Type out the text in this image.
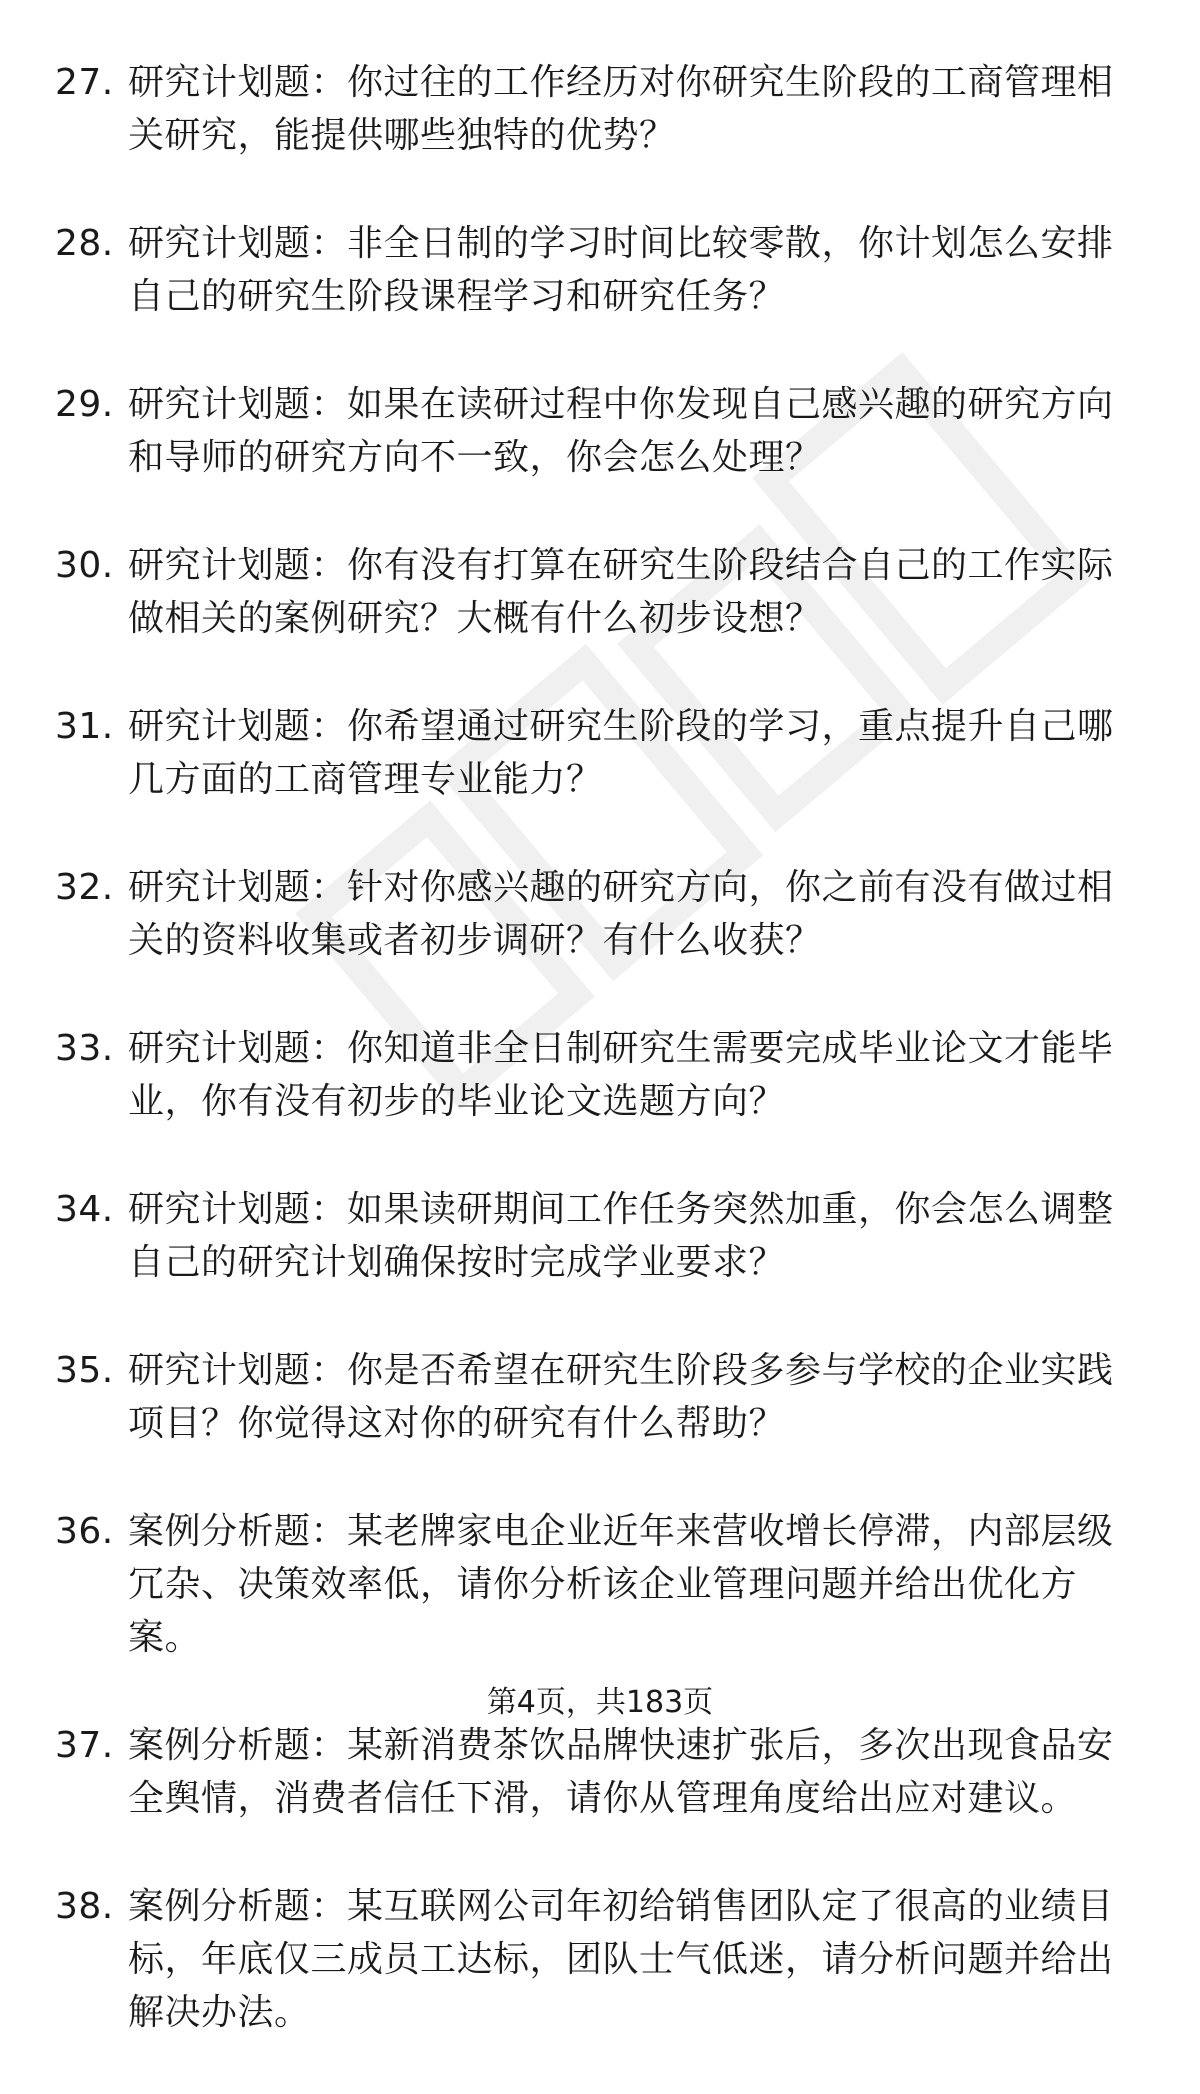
27. 研究计划题：你过往的工作经历对你研究生阶段的工商管理相关研究，能提供哪些独特的优势？
28. 研究计划题：非全日制的学习时间比较零散，你计划怎么安排自己的研究生阶段课程学习和研究任务？
29. 研究计划题：如果在读研过程中你发现自己感兴趣的研究方向和导师的研究方向不一致，你会怎么处理？
30. 研究计划题：你有没有打算在研究生阶段结合自己的工作实际做相关的案例研究？大概有什么初步设想？
31. 研究计划题：你希望通过研究生阶段的学习，重点提升自己哪几方面的工商管理专业能力？
32. 研究计划题：针对你感兴趣的研究方向，你之前有没有做过相关的资料收集或者初步调研？有什么收获？
33. 研究计划题：你知道非全日制研究生需要完成毕业论文才能毕业，你有没有初步的毕业论文选题方向？
34. 研究计划题：如果读研期间工作任务突然加重，你会怎么调整自己的研究计划确保按时完成学业要求？
35. 研究计划题：你是否希望在研究生阶段多参与学校的企业实践项目？你觉得这对你的研究有什么帮助？
36. 案例分析题：某老牌家电企业近年来营收增长停滞，内部层级冗杂、决策效率低，请你分析该企业管理问题并给出优化方案。
37. 案例分析题：某新消费茶饮品牌快速扩张后，多次出现食品安全舆情，消费者信任下滑，请你从管理角度给出应对建议。
38. 案例分析题：某互联网公司年初给销售团队定了很高的业绩目标，年底仅三成员工达标，团队士气低迷，请分析问题并给出解决办法。
第4页，共183页
